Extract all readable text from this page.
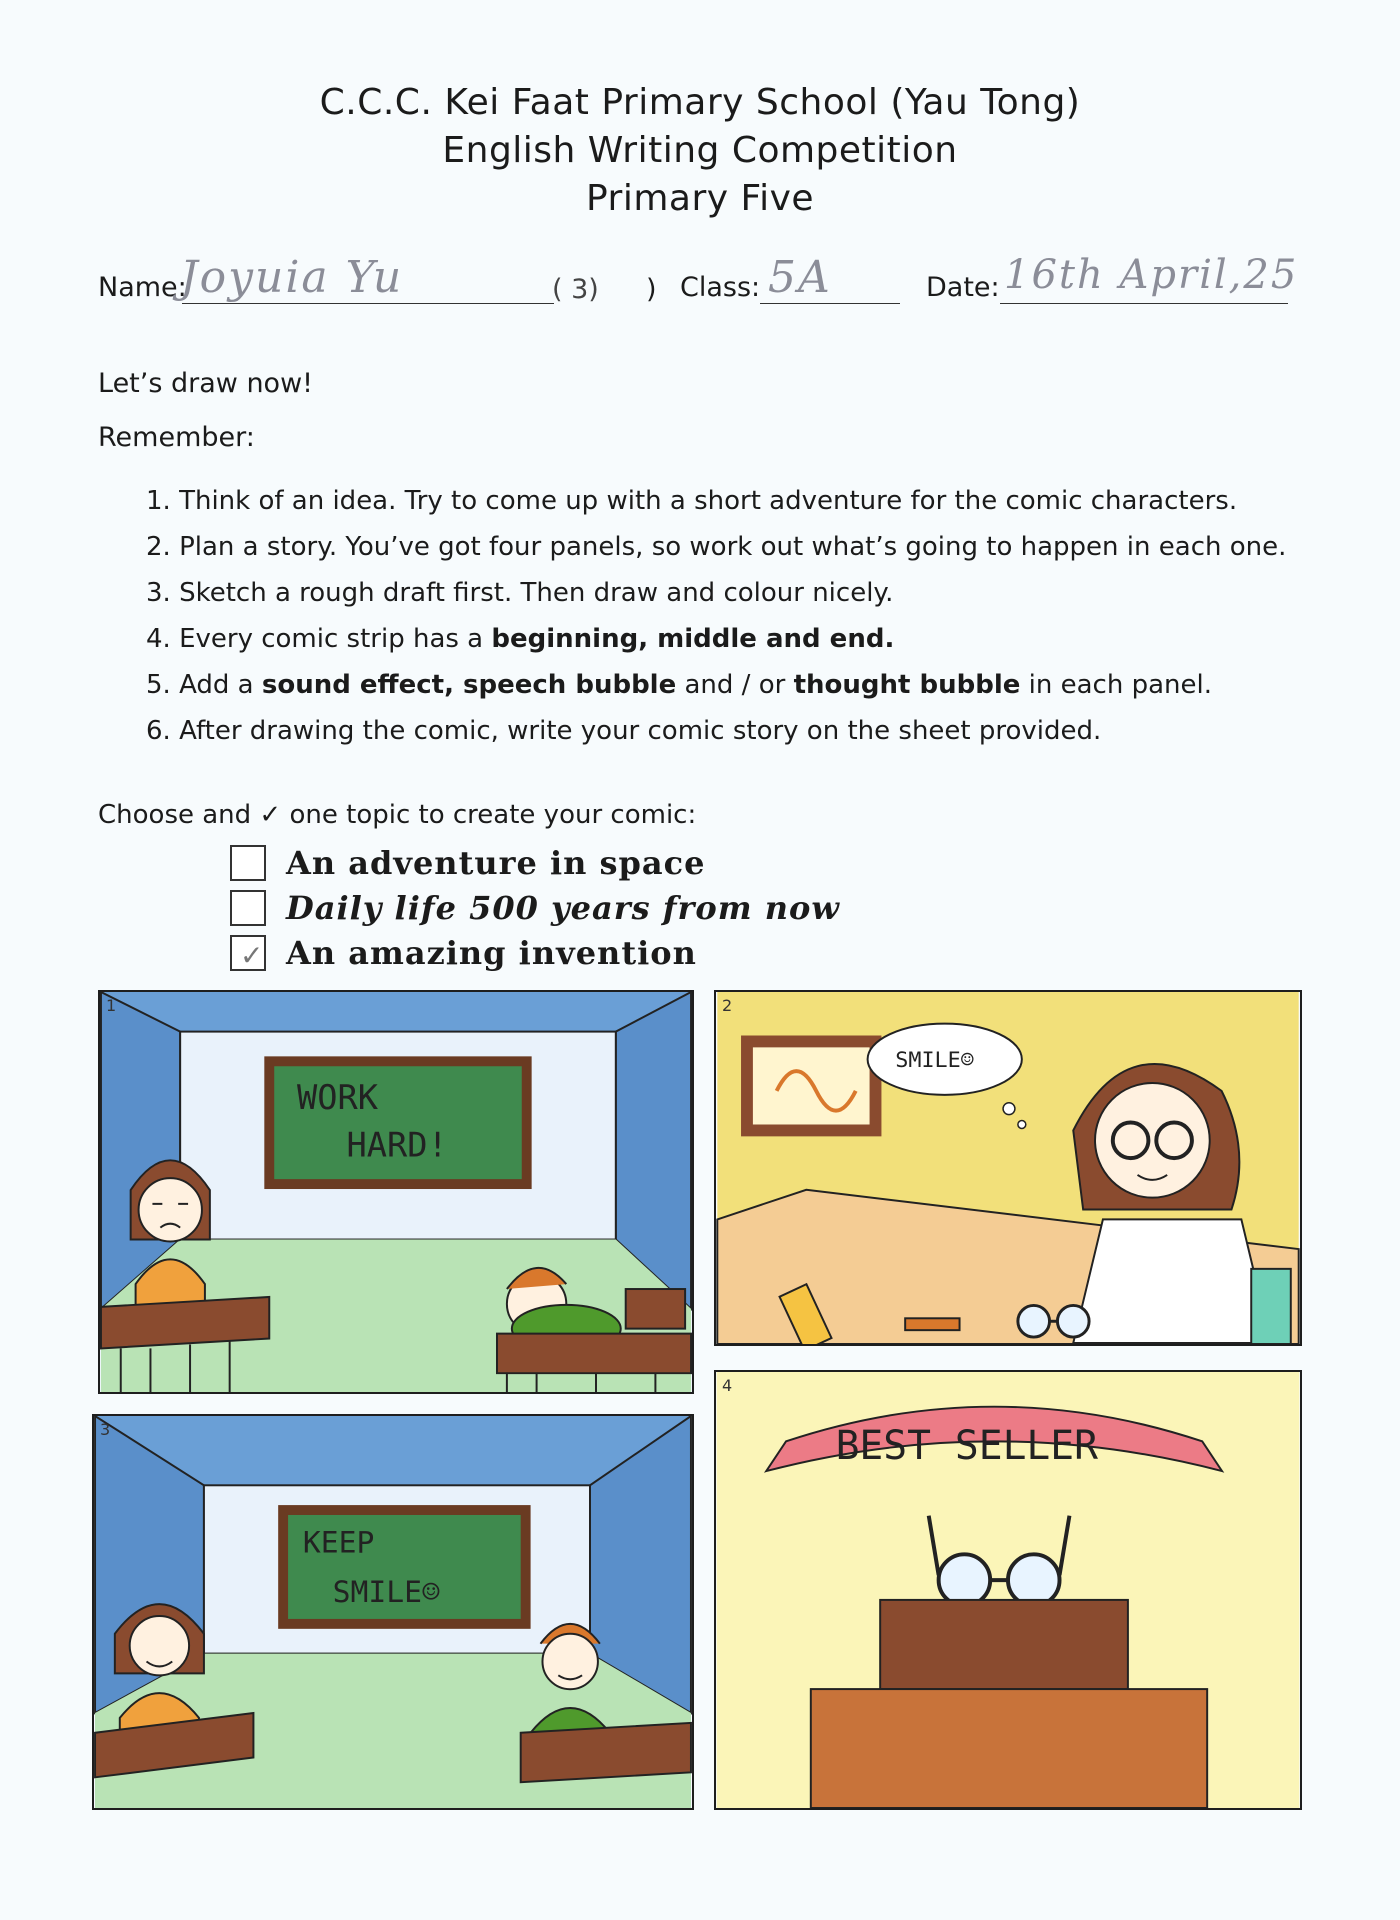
C.C.C. Kei Faat Primary School (Yau Tong)
English Writing Competition
Primary Five
Name:
Joyuia Yu	( 3) ) Class: 5A	Date: 16th April,25
Let’s draw now!
Remember:
1. Think of an idea. Try to come up with a short adventure for the comic characters.
2. Plan a story. You’ve got four panels, so work out what’s going to happen in each one.
3. Sketch a rough draft first. Then draw and colour nicely.
4. Every comic strip has a beginning, middle and end.
5. Add a sound effect, speech bubble and / or thought bubble in each panel.
6. After drawing the comic, write your comic story on the sheet provided.
Choose and ✓ one topic to create your comic:
An adventure in space
Daily life 500 years from now
✓ An amazing invention
WORK
HARD!
1
SMILE☺
2
KEEP
SMILE☺
3	BEST SELLER
4
